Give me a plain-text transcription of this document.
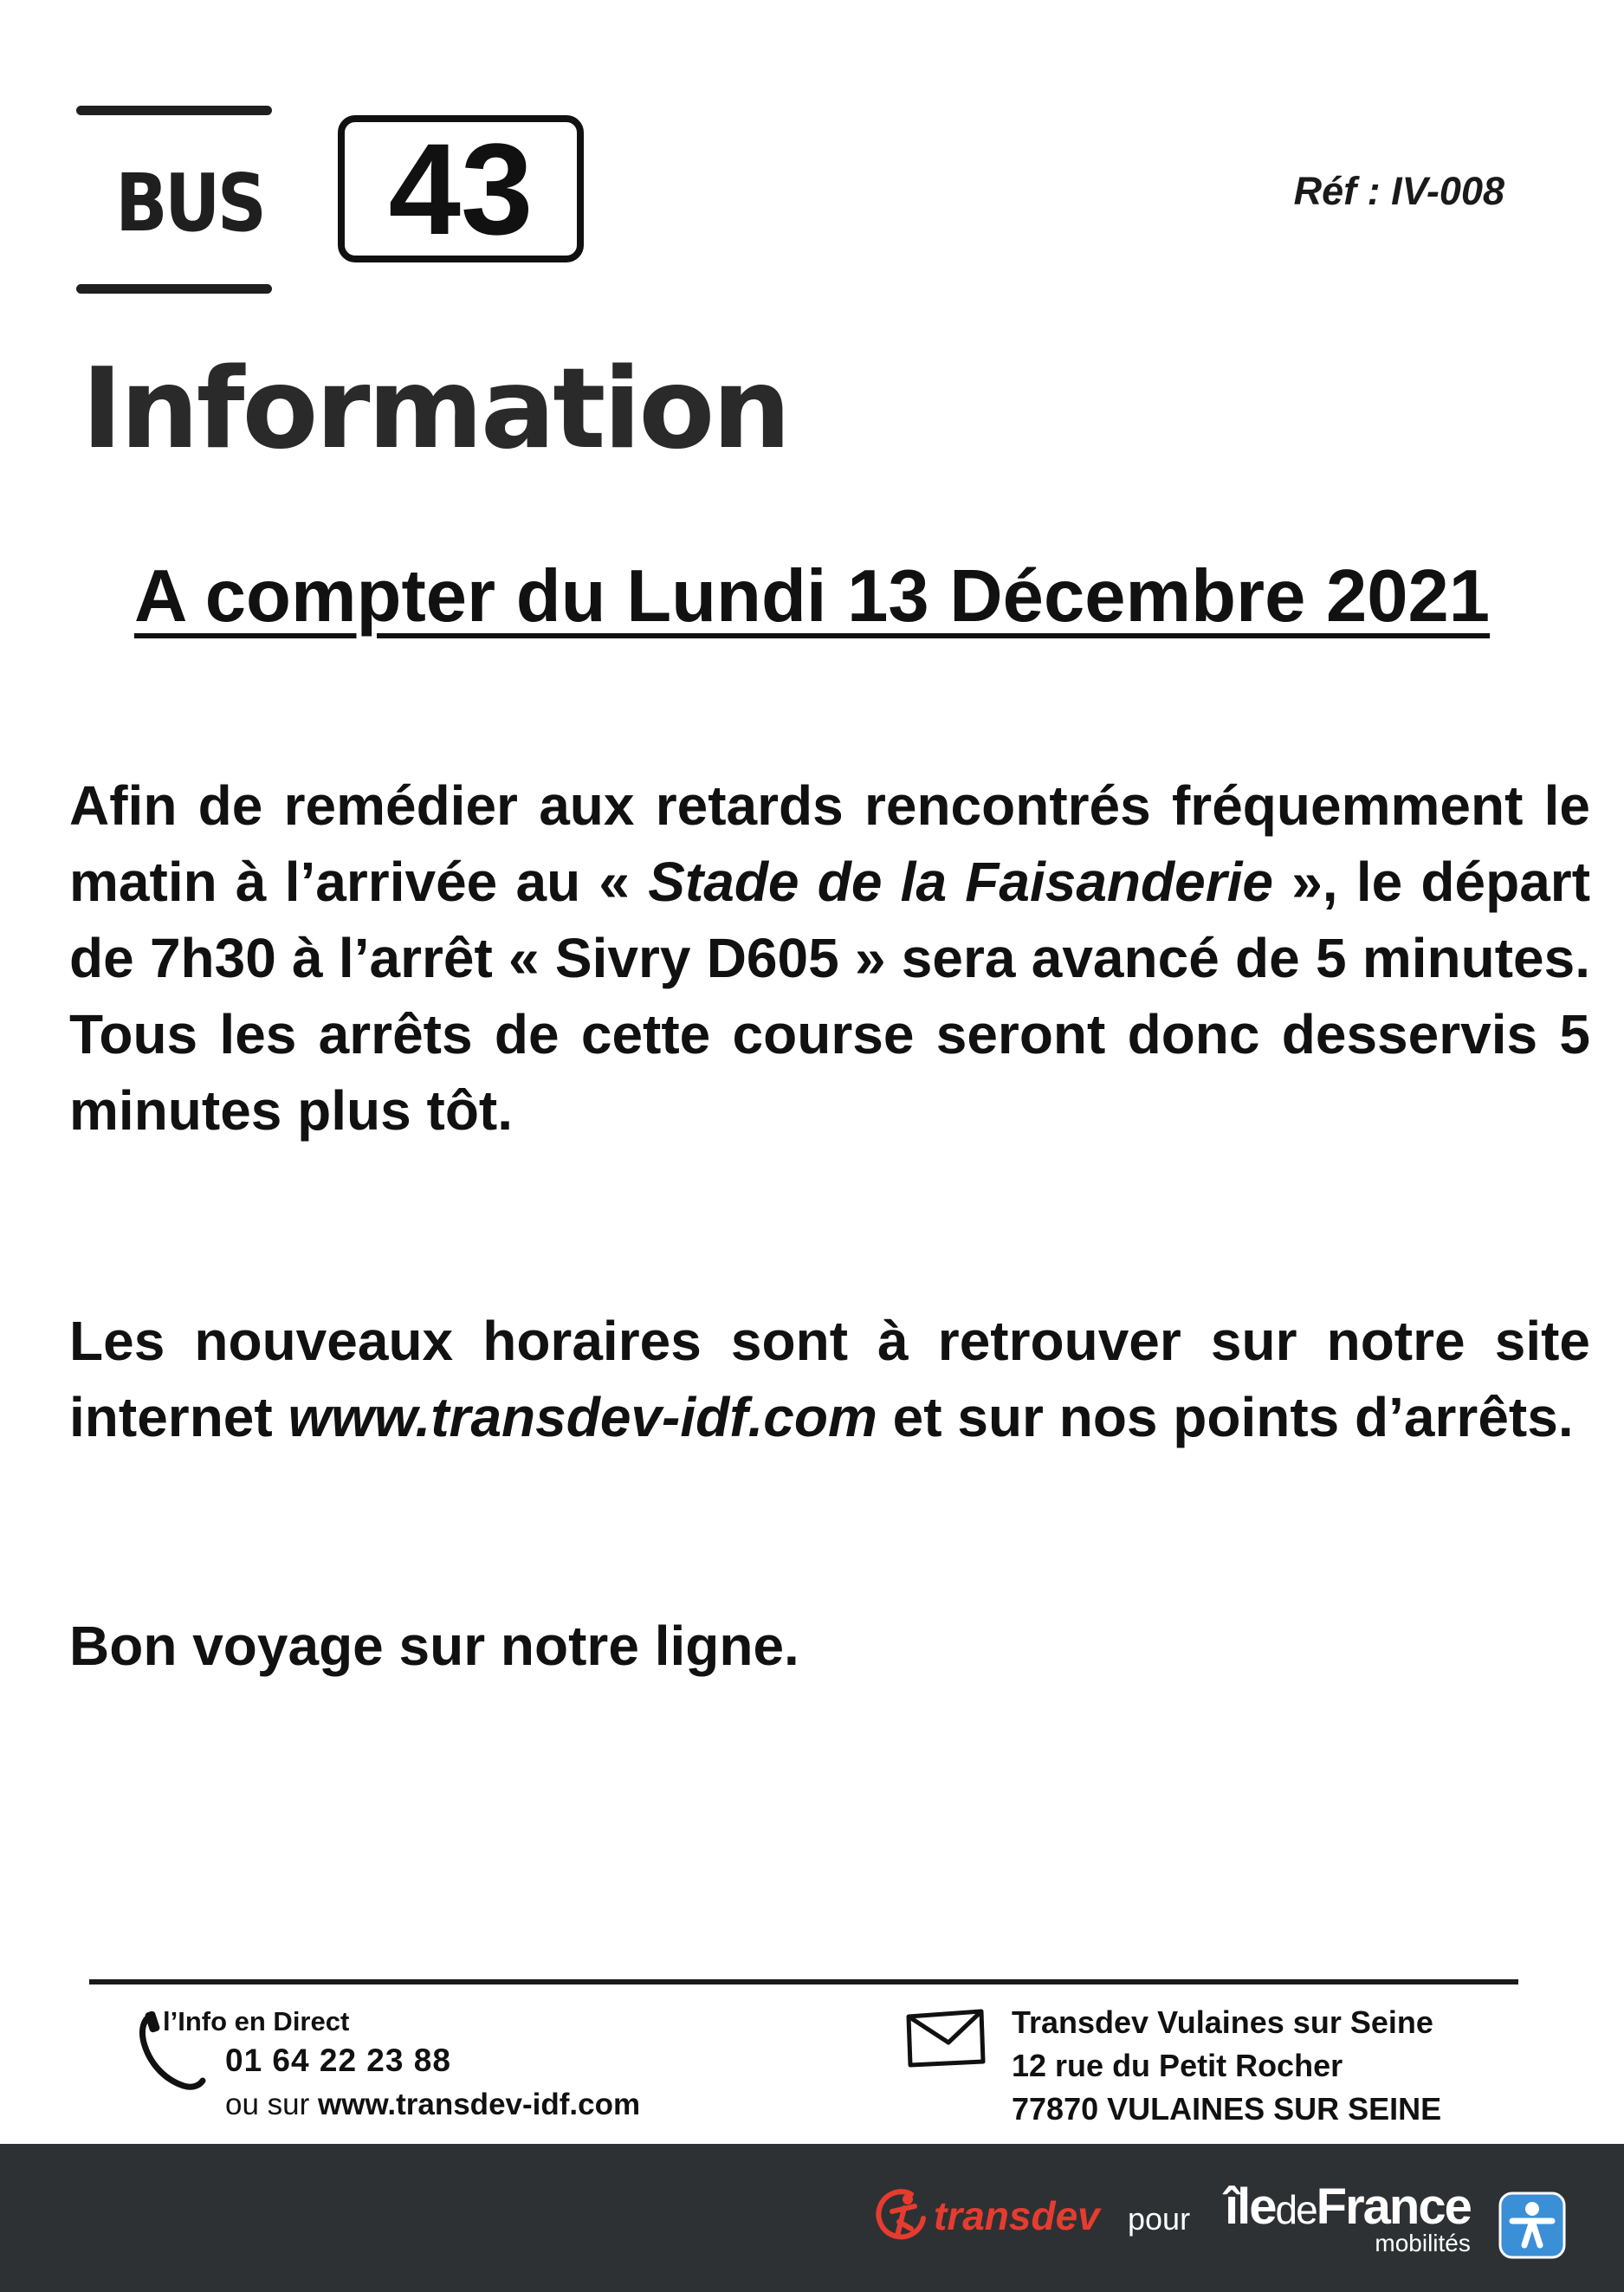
BUS 43	Réf : IV-008
Information
A compter du Lundi 13 Décembre 2021

Afin de remédier aux retards rencontrés fréquemment le matin à l’arrivée au « Stade de la Faisanderie », le départ de 7h30 à l’arrêt « Sivry D605 » sera avancé de 5 minutes. Tous les arrêts de cette course seront donc desservis 5 minutes plus tôt.

Les nouveaux horaires sont à retrouver sur notre site internet www.transdev-idf.com et sur nos points d’arrêts.

Bon voyage sur notre ligne.

l’Info en Direct
01 64 22 23 88
ou sur www.transdev-idf.com
Transdev Vulaines sur Seine
12 rue du Petit Rocher
77870 VULAINES SUR SEINE
transdev pour îledeFrance
mobilités
